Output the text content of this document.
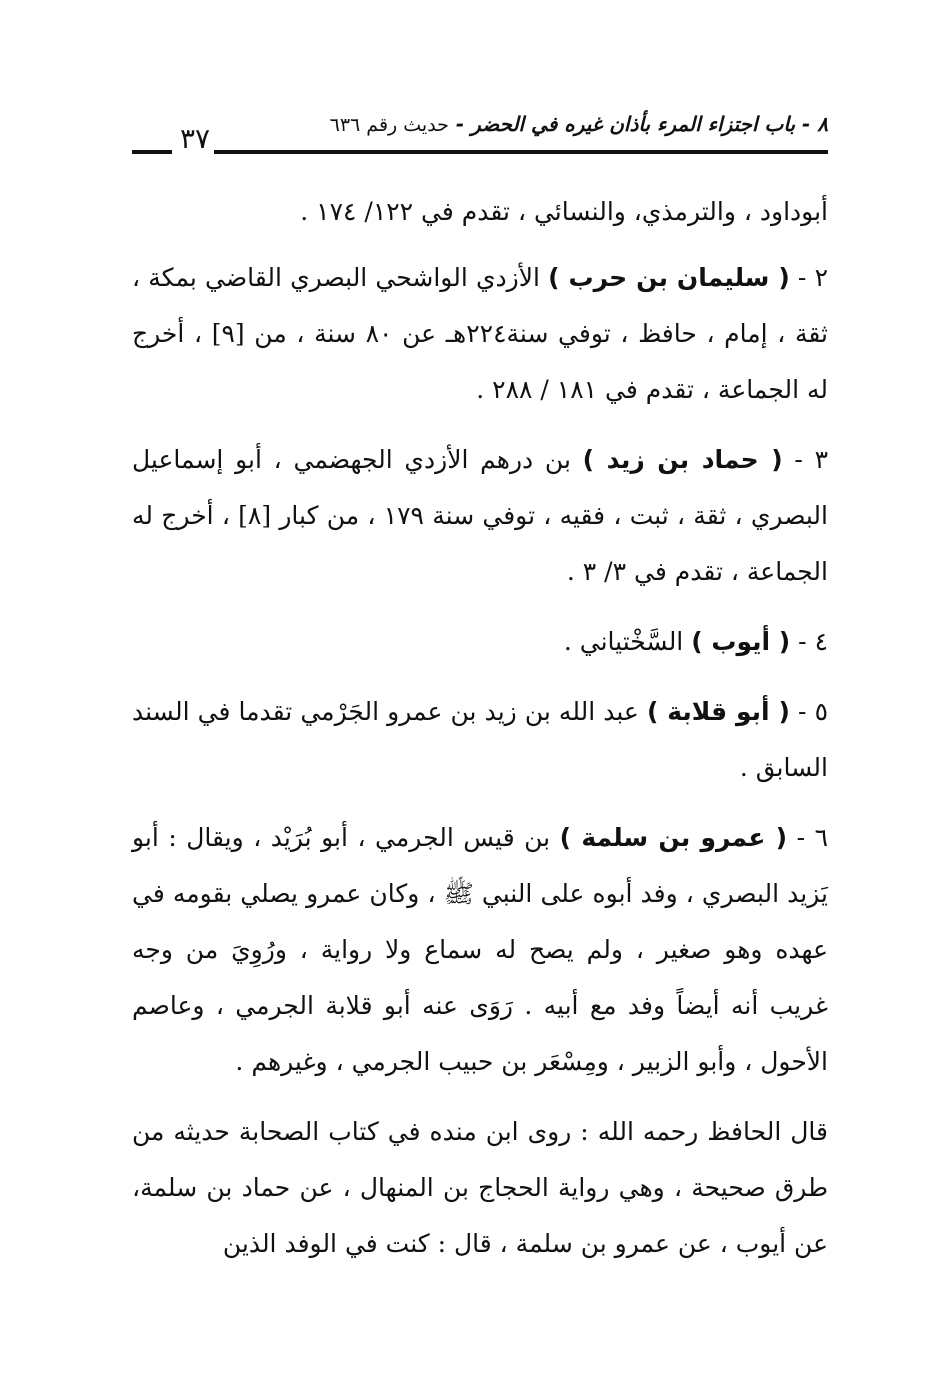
٨ - باب اجتزاء المرء بأذان غيره في الحضر - حديث رقم ٦٣٦
٣٧

أبوداود ، والترمذي، والنسائي ، تقدم في ١٢٢/ ١٧٤ .

٢ - ( سليمان بن حرب ) الأزدي الواشحي البصري القاضي بمكة ، ثقة ، إمام ، حافظ ، توفي سنة٢٢٤هـ عن ٨٠ سنة ، من [٩] ، أخرج له الجماعة ، تقدم في ١٨١ / ٢٨٨ .

٣ - ( حماد بن زيد ) بن درهم الأزدي الجهضمي ، أبو إسماعيل البصري ، ثقة ، ثبت ، فقيه ، توفي سنة ١٧٩ ، من كبار [٨] ، أخرج له الجماعة ، تقدم في ٣/ ٣ .

٤ - ( أيوب ) السَّخْتياني .

٥ - ( أبو قلابة ) عبد الله بن زيد بن عمرو الجَرْمي تقدما في السند السابق .

٦ - ( عمرو بن سلمة ) بن قيس الجرمي ، أبو بُرَيْد ، ويقال : أبو يَزيد البصري ، وفد أبوه على النبي ﷺ ، وكان عمرو يصلي بقومه في عهده وهو صغير ، ولم يصح له سماع ولا رواية ، ورُوِيَ من وجه غريب أنه أيضاً وفد مع أبيه . رَوَى عنه أبو قلابة الجرمي ، وعاصم الأحول ، وأبو الزبير ، ومِسْعَر بن حبيب الجرمي ، وغيرهم .

قال الحافظ رحمه الله : روى ابن منده في كتاب الصحابة حديثه من طرق صحيحة ، وهي رواية الحجاج بن المنهال ، عن حماد بن سلمة، عن أيوب ، عن عمرو بن سلمة ، قال : كنت في الوفد الذين
